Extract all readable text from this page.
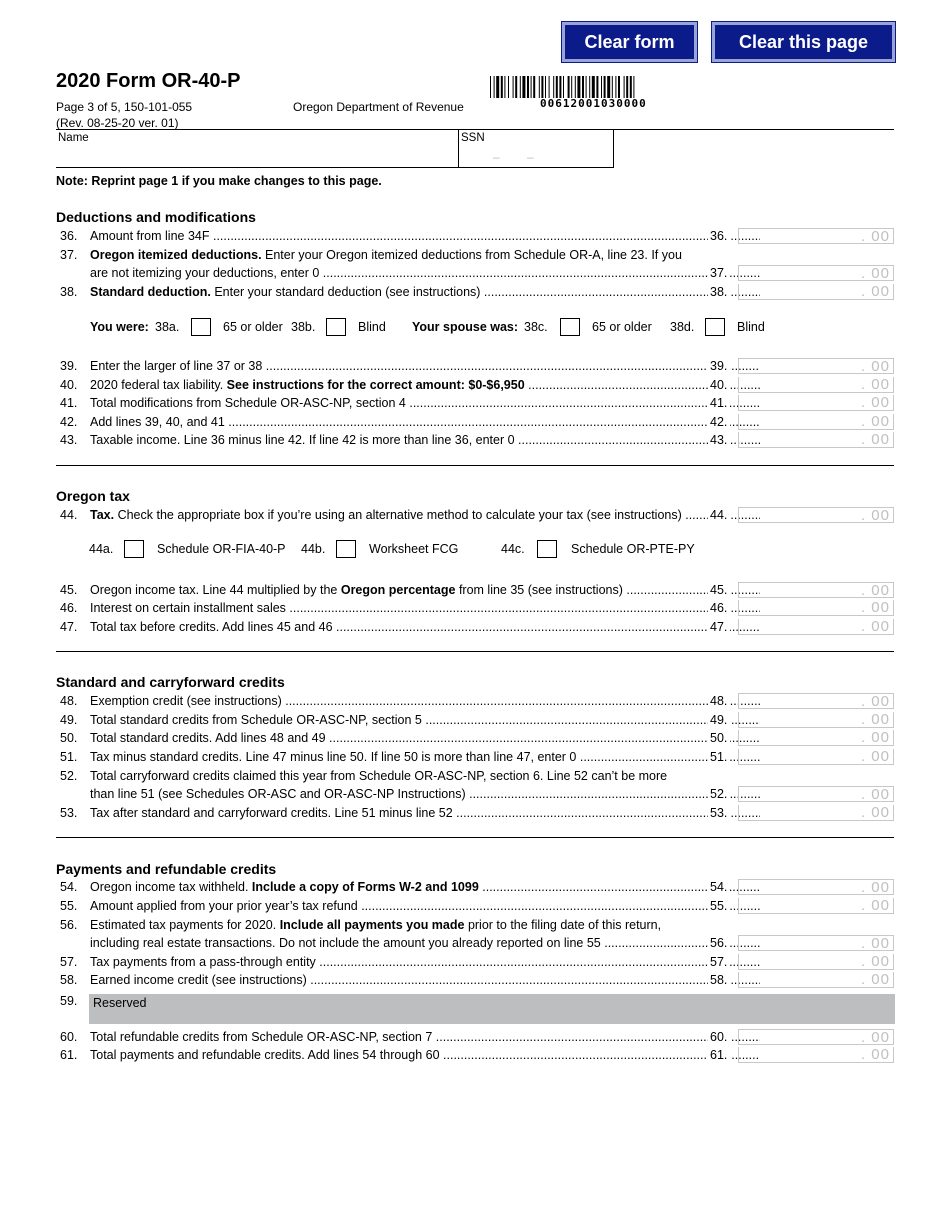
Clear form	Clear this page
2020 Form OR-40-P
Page 3 of 5, 150-101-055
(Rev. 08-25-20 ver. 01)
Oregon Department of Revenue	00612001030000
Name	SSN
– –
Note: Reprint page 1 if you make changes to this page.
Deductions and modifications
36. Amount from line 34F .....	36.	. 00
37. Oregon itemized deductions. Enter your Oregon itemized deductions from Schedule OR-A, line 23. If you
are not itemizing your deductions, enter 0 .....	37.	. 00
38. Standard deduction. Enter your standard deduction (see instructions) .....	38.	. 00
You were: 38a.	65 or older 38b.	Blind Your spouse was: 38c.	65 or older 38d.	Blind
39. Enter the larger of line 37 or 38 .....	39.	. 00
40. 2020 federal tax liability. See instructions for the correct amount: $0-$6,950 .....	40.	. 00
41. Total modifications from Schedule OR-ASC-NP, section 4 .....	41.	. 00
42. Add lines 39, 40, and 41 .....	42.	. 00
43. Taxable income. Line 36 minus line 42. If line 42 is more than line 36, enter 0 .....	43.	. 00
Oregon tax
44. Tax. Check the appropriate box if you’re using an alternative method to calculate your tax (see instructions) .....	44.	. 00
44a.	Schedule OR-FIA-40-P 44b.	Worksheet FCG	44c.	Schedule OR-PTE-PY
45. Oregon income tax. Line 44 multiplied by the Oregon percentage from line 35 (see instructions) .....	45.	. 00
46. Interest on certain installment sales .....	46.	. 00
47. Total tax before credits. Add lines 45 and 46 .....	47.	. 00
Standard and carryforward credits
48. Exemption credit (see instructions) .....	48.	. 00
49. Total standard credits from Schedule OR-ASC-NP, section 5 .....	49.	. 00
50. Total standard credits. Add lines 48 and 49 .....	50.	. 00
51. Tax minus standard credits. Line 47 minus line 50. If line 50 is more than line 47, enter 0 .....	51.	. 00
52. Total carryforward credits claimed this year from Schedule OR-ASC-NP, section 6. Line 52 can’t be more
than line 51 (see Schedules OR-ASC and OR-ASC-NP Instructions) .....	52.	. 00
53. Tax after standard and carryforward credits. Line 51 minus line 52 .....	53.	. 00
Payments and refundable credits
54. Oregon income tax withheld. Include a copy of Forms W-2 and 1099 .....	54.	. 00
55. Amount applied from your prior year’s tax refund .....	55.	. 00
56. Estimated tax payments for 2020. Include all payments you made prior to the filing date of this return,
including real estate transactions. Do not include the amount you already reported on line 55 .....	56.	. 00
57. Tax payments from a pass-through entity .....	57.	. 00
58. Earned income credit (see instructions) .....	58.	. 00
59.	Reserved
60. Total refundable credits from Schedule OR-ASC-NP, section 7 .....	60.	. 00
61. Total payments and refundable credits. Add lines 54 through 60 .....	61.	. 00
